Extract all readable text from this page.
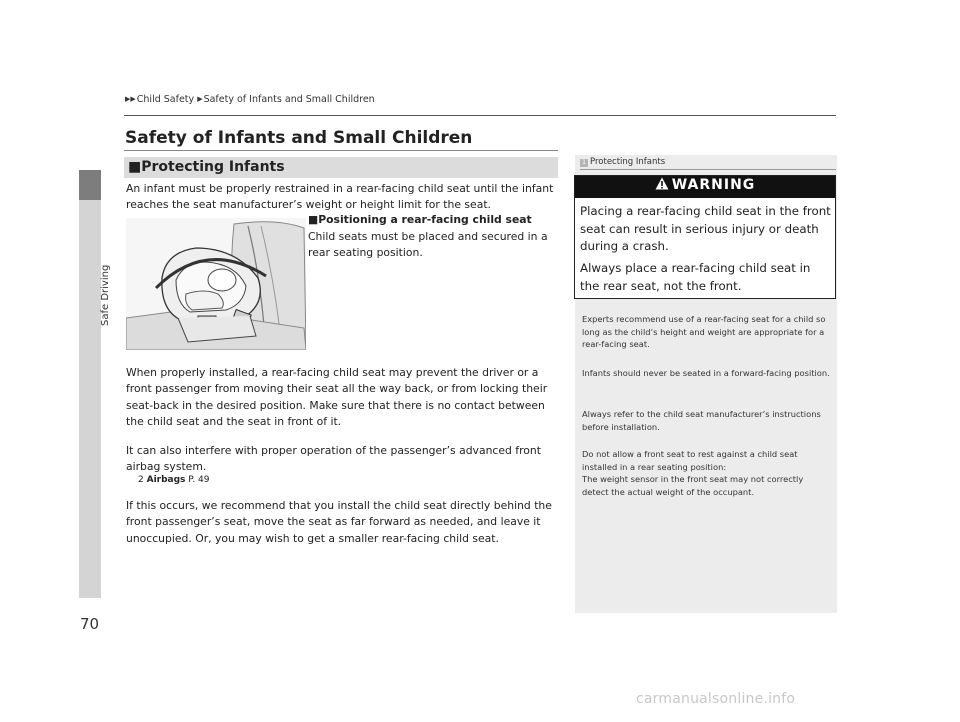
Safe Driving
70
▶▶Child Safety ▶Safety of Infants and Small Children
Safety of Infants and Small Children
■Protecting Infants
An infant must be properly restrained in a rear-facing child seat until the infant reaches the seat manufacturer’s weight or height limit for the seat.
■Positioning a rear-facing child seat
Child seats must be placed and secured in a rear seating position.
When properly installed, a rear-facing child seat may prevent the driver or a front passenger from moving their seat all the way back, or from locking their seat-back in the desired position. Make sure that there is no contact between the child seat and the seat in front of it.
It can also interfere with proper operation of the passenger’s advanced front airbag system.
2 Airbags P. 49
If this occurs, we recommend that you install the child seat directly behind the front passenger’s seat, move the seat as far forward as needed, and leave it unoccupied. Or, you may wish to get a smaller rear-facing child seat.
1 Protecting Infants
WARNING
Placing a rear-facing child seat in the front seat can result in serious injury or death during a crash.
Always place a rear-facing child seat in the rear seat, not the front.
Experts recommend use of a rear-facing seat for a child so long as the child’s height and weight are appropriate for a rear-facing seat.
Infants should never be seated in a forward-facing position.
Always refer to the child seat manufacturer’s instructions before installation.
Do not allow a front seat to rest against a child seat installed in a rear seating position:
The weight sensor in the front seat may not correctly detect the actual weight of the occupant.
carmanualsonline.info
